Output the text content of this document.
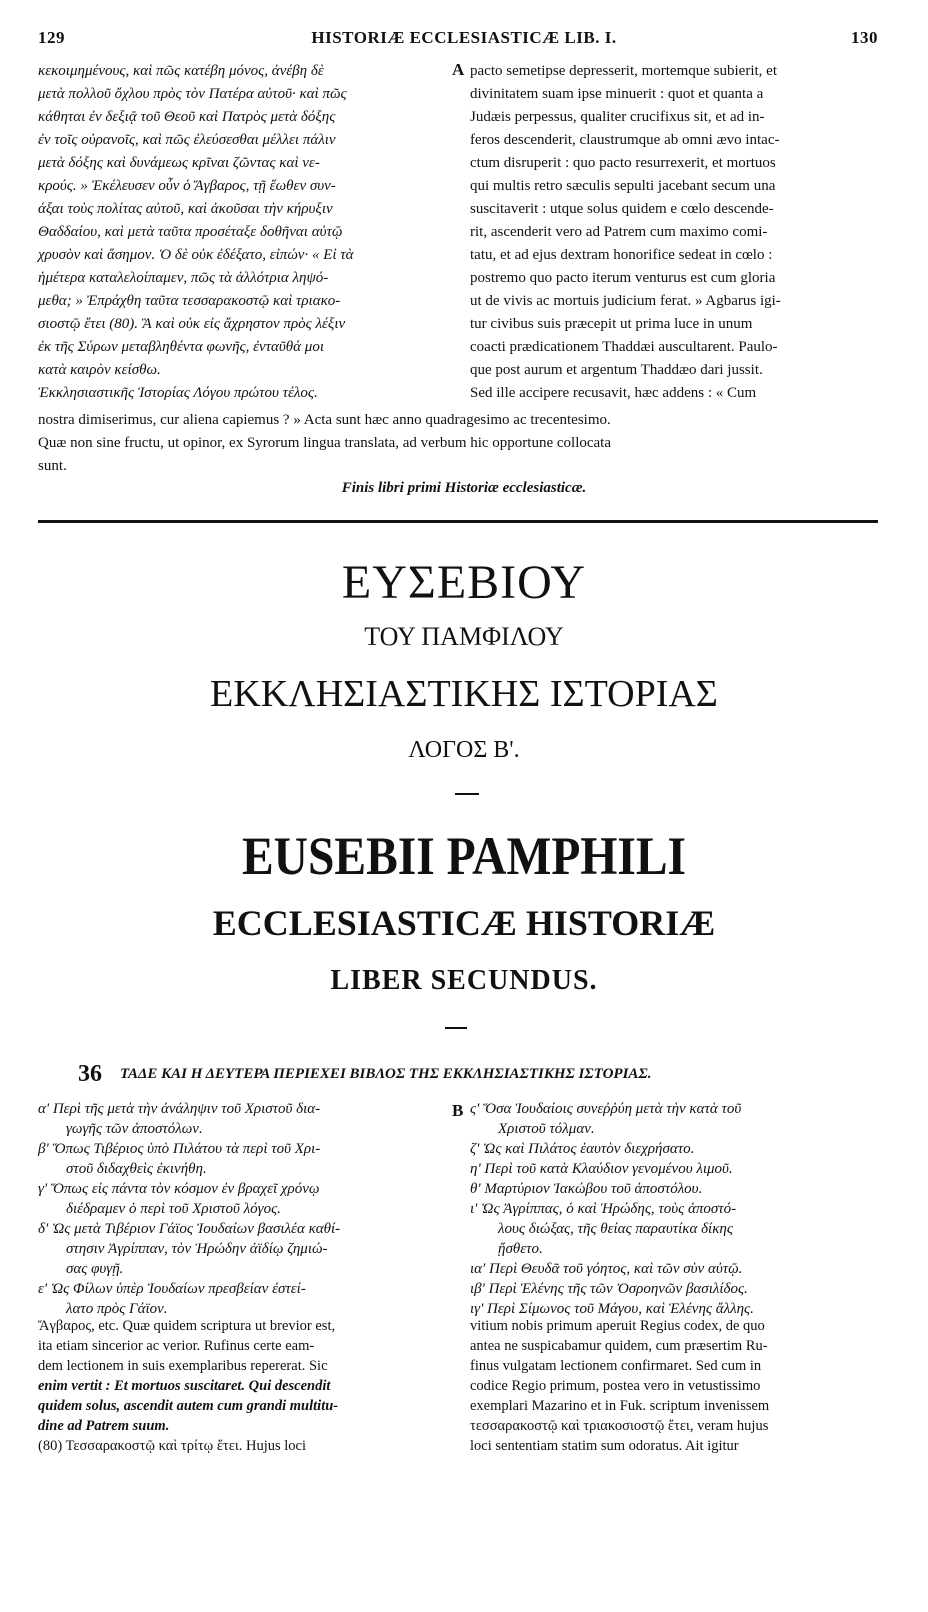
129	HISTORIÆ ECCLESIASTICÆ LIB. I.	130

κεκοιμημένους, καὶ πῶς κατέβη μόνος, ἀνέβη δὲ

μετὰ πολλοῦ ὄχλου πρὸς τὸν Πατέρα αὐτοῦ· καὶ πῶς

κάθηται ἐν δεξιᾷ τοῦ Θεοῦ καὶ Πατρὸς μετὰ δόξης

ἐν τοῖς οὐρανοῖς, καὶ πῶς ἐλεύσεσθαι μέλλει πάλιν

μετὰ δόξης καὶ δυνάμεως κρῖναι ζῶντας καὶ νε-

κρούς. » Ἐκέλευσεν οὖν ὁ Ἄγβαρος, τῇ ἕωθεν συν-

άξαι τοὺς πολίτας αὐτοῦ, καὶ ἀκοῦσαι τὴν κήρυξιν

Θαδδαίου, καὶ μετὰ ταῦτα προσέταξε δοθῆναι αὐτῷ

χρυσὸν καὶ ἄσημον. Ὁ δὲ οὐκ ἐδέξατο, εἰπών· « Εἰ τὰ

ἡμέτερα καταλελοίπαμεν, πῶς τὰ ἀλλότρια ληψό-

μεθα; » Ἐπράχθη ταῦτα τεσσαρακοστῷ καὶ τριακο-

σιοστῷ ἔτει (80). Ἃ καὶ οὐκ εἰς ἄχρηστον πρὸς λέξιν

ἐκ τῆς Σύρων μεταβληθέντα φωνῆς, ἐνταῦθά μοι

κατὰ καιρὸν κείσθω.

Ἐκκλησιαστικῆς Ἱστορίας Λόγου πρώτου τέλος.

A pacto semetipse depresserit, mortemque subierit, et

divinitatem suam ipse minuerit : quot et quanta a

Judæis perpessus, qualiter crucifixus sit, et ad in-

feros descenderit, claustrumque ab omni ævo intac-

ctum disruperit : quo pacto resurrexerit, et mortuos

qui multis retro sæculis sepulti jacebant secum una

suscitaverit : utque solus quidem e cœlo descende-

rit, ascenderit vero ad Patrem cum maximo comi-

tatu, et ad ejus dextram honorifice sedeat in cœlo :

postremo quo pacto iterum venturus est cum gloria

ut de vivis ac mortuis judicium ferat. » Agbarus igi-

tur civibus suis præcepit ut prima luce in unum

coacti prædicationem Thaddæi auscultarent. Paulo-

que post aurum et argentum Thaddæo dari jussit.

Sed ille accipere recusavit, hæc addens : « Cum

nostra dimiserimus, cur aliena capiemus ? » Acta sunt hæc anno quadragesimo ac trecentesimo.

Quæ non sine fructu, ut opinor, ex Syrorum lingua translata, ad verbum hic opportune collocata

sunt.

Finis libri primi Historiæ ecclesiasticæ.
ΕΥΣΕΒΙΟΥ
ΤΟΥ ΠΑΜΦΙΛΟΥ
ΕΚΚΛΗΣΙΑΣΤΙΚΗΣ ΙΣΤΟΡΙΑΣ
ΛΟΓΟΣ Β'.
EUSEBII PAMPHILI
ECCLESIASTICÆ HISTORIÆ
LIBER SECUNDUS.
36 ΤΑΔΕ ΚΑΙ Η ΔΕΥΤΕΡΑ ΠΕΡΙΕΧΕΙ ΒΙΒΛΟΣ ΤΗΣ ΕΚΚΛΗΣΙΑΣΤΙΚΗΣ ΙΣΤΟΡΙΑΣ.

α' Περὶ τῆς μετὰ τὴν ἀνάληψιν τοῦ Χριστοῦ δια-

γωγῆς τῶν ἀποστόλων.

β' Ὅπως Τιβέριος ὑπὸ Πιλάτου τὰ περὶ τοῦ Χρι-

στοῦ διδαχθεὶς ἐκινήθη.

γ' Ὅπως εἰς πάντα τὸν κόσμον ἐν βραχεῖ χρόνῳ

διέδραμεν ὁ περὶ τοῦ Χριστοῦ λόγος.

δ' Ὡς μετὰ Τιβέριον Γάϊος Ἰουδαίων βασιλέα καθί-

στησιν Ἀγρίππαν, τὸν Ἡρώδην ἀϊδίῳ ζημιώ-

σας φυγῇ.

ε' Ὡς Φίλων ὑπὲρ Ἰουδαίων πρεσβείαν ἐστεί-

λατο πρὸς Γάϊον.

B ς' Ὅσα Ἰουδαίοις συνεῤῥύη μετὰ τὴν κατὰ τοῦ

Χριστοῦ τόλμαν.

ζ' Ὡς καὶ Πιλάτος ἑαυτὸν διεχρήσατο.

η' Περὶ τοῦ κατὰ Κλαύδιον γενομένου λιμοῦ.

θ' Μαρτύριον Ἰακώβου τοῦ ἀποστόλου.

ι' Ὡς Ἀγρίππας, ὁ καὶ Ἡρώδης, τοὺς ἀποστό-

λους διώξας, τῆς θείας παραυτίκα δίκης

ᾔσθετο.

ια' Περὶ Θευδᾶ τοῦ γόητος, καὶ τῶν σὺν αὐτῷ.

ιβ' Περὶ Ἑλένης τῆς τῶν Ὀσροηνῶν βασιλίδος.

ιγ' Περὶ Σίμωνος τοῦ Μάγου, καὶ Ἑλένης ἄλλης.

Ἄγβαρος, etc. Quæ quidem scriptura ut brevior est,

ita etiam sincerior ac verior. Rufinus certe eam-

dem lectionem in suis exemplaribus repererat. Sic

enim vertit : Et mortuos suscitaret. Qui descendit

quidem solus, ascendit autem cum grandi multitu-

dine ad Patrem suum.

(80) Τεσσαρακοστῷ καὶ τρίτῳ ἔτει. Hujus loci

vitium nobis primum aperuit Regius codex, de quo

antea ne suspicabamur quidem, cum præsertim Ru-

finus vulgatam lectionem confirmaret. Sed cum in

codice Regio primum, postea vero in vetustissimo

exemplari Mazarino et in Fuk. scriptum invenissem

τεσσαρακοστῷ καὶ τριακοσιοστῷ ἔτει, veram hujus

loci sententiam statim sum odoratus. Ait igitur
